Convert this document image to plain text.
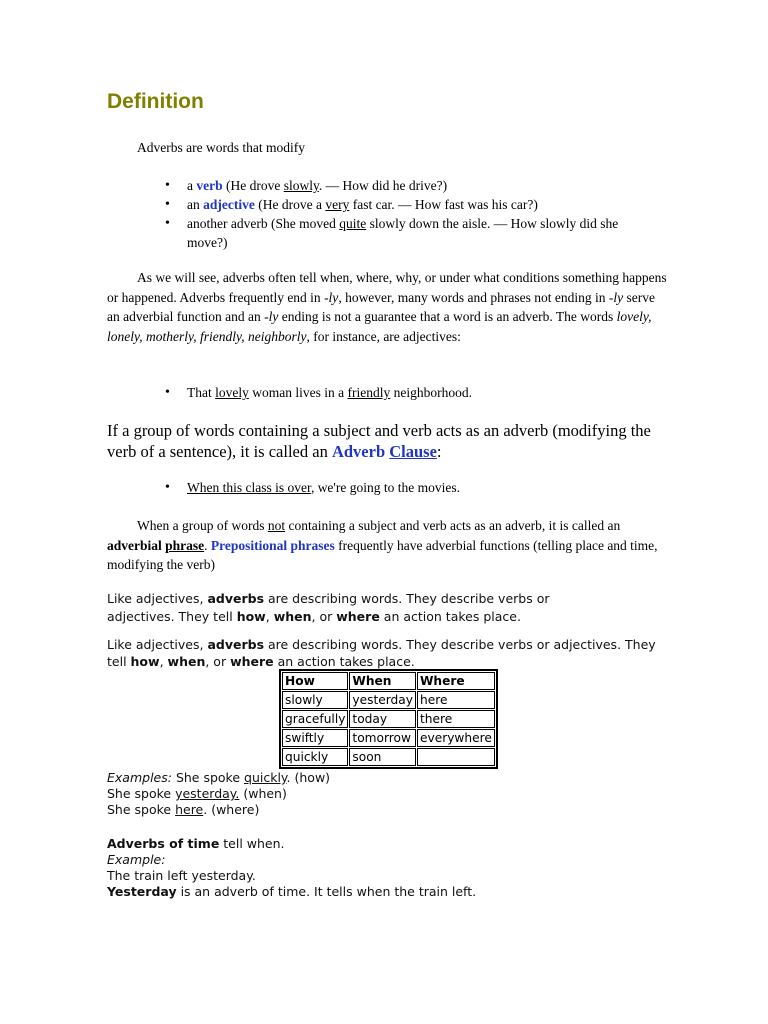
Definition
Adverbs are words that modify
• a verb (He drove slowly. — How did he drive?)
• an adjective (He drove a very fast car. — How fast was his car?)
• another adverb (She moved quite slowly down the aisle. — How slowly did she move?)

As we will see, adverbs often tell when, where, why, or under what conditions something happens or happened. Adverbs frequently end in -ly, however, many words and phrases not ending in -ly serve an adverbial function and an -ly ending is not a guarantee that a word is an adverb. The words lovely, lonely, motherly, friendly, neighborly, for instance, are adjectives:

• That lovely woman lives in a friendly neighborhood.

If a group of words containing a subject and verb acts as an adverb (modifying the verb of a sentence), it is called an Adverb Clause:

• When this class is over, we're going to the movies.

When a group of words not containing a subject and verb acts as an adverb, it is called an adverbial phrase. Prepositional phrases frequently have adverbial functions (telling place and time, modifying the verb)

Like adjectives, adverbs are describing words. They describe verbs or adjectives. They tell how, when, or where an action takes place.

Like adjectives, adverbs are describing words. They describe verbs or adjectives. They tell how, when, or where an action takes place.

How	When	Where
slowly	yesterday	here
gracefully	today	there
swiftly	tomorrow	everywhere
quickly	soon	
Examples: She spoke quickly. (how)
She spoke yesterday. (when)
She spoke here. (where)
Adverbs of time tell when.
Example:
The train left yesterday.
Yesterday is an adverb of time. It tells when the train left.
